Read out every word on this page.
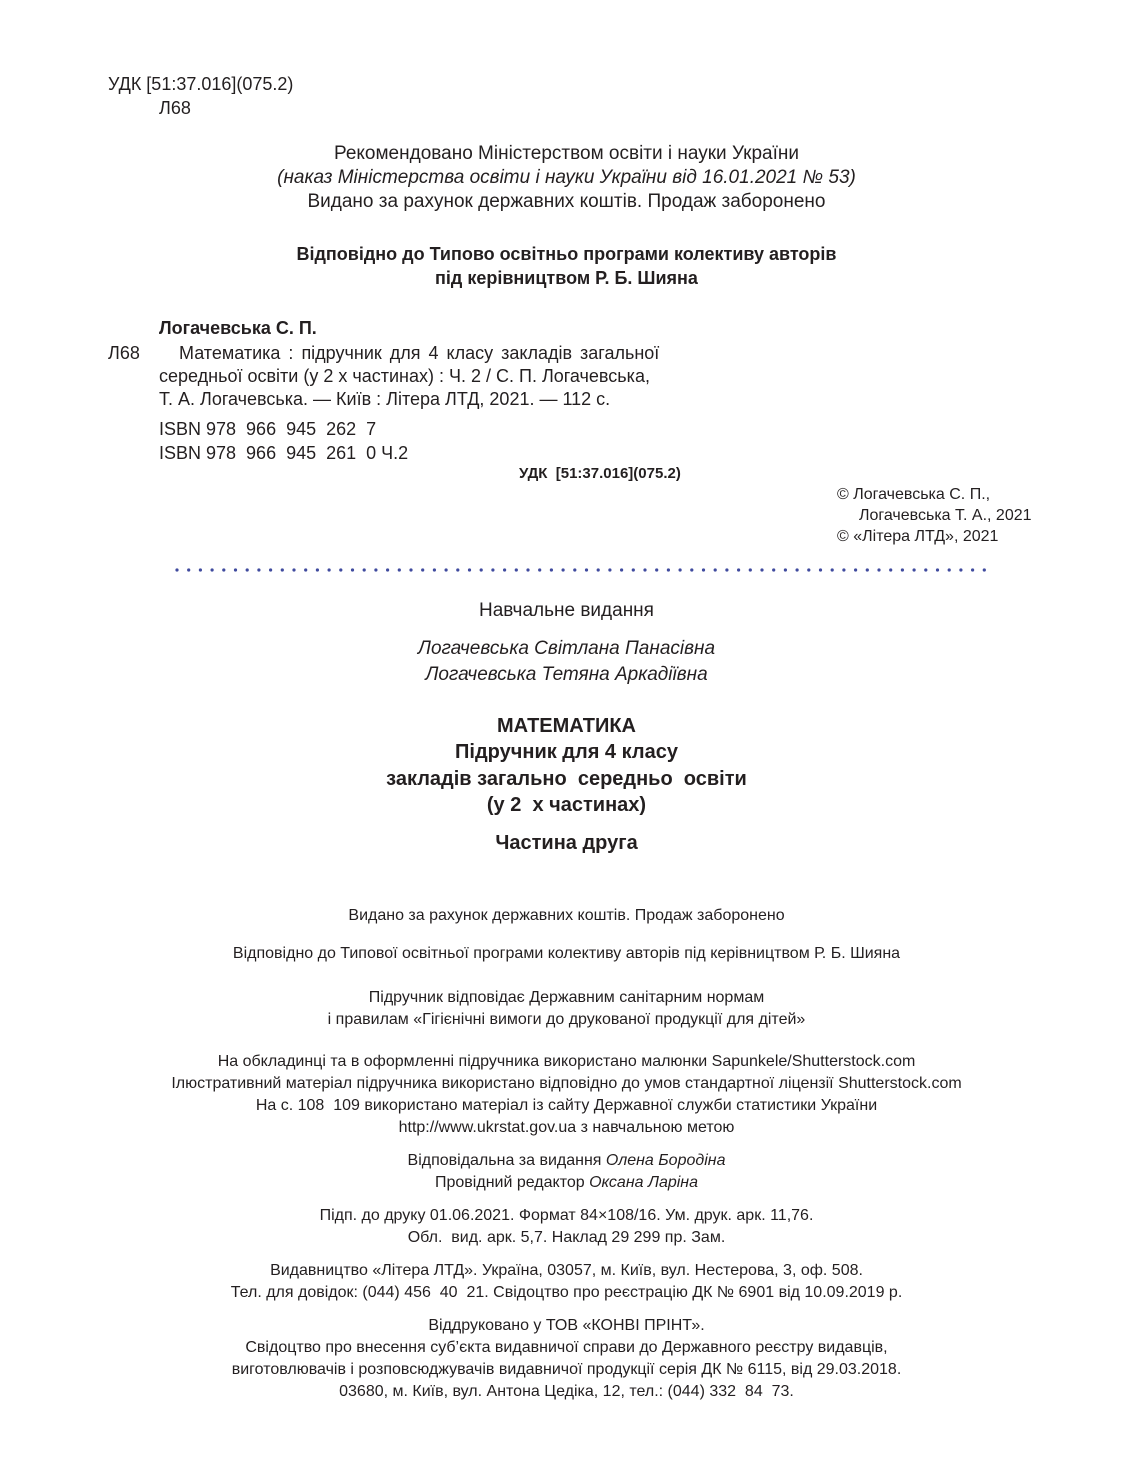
УДК [51:37.016](075.2)
Л68
Рекомендовано Міністерством освіти і науки України
(наказ Міністерства освіти і науки України від 16.01.2021 № 53)
Видано за рахунок державних коштів. Продаж заборонено
Відповідно до Типово освітньо програми колективу авторів
під керівництвом Р. Б. Шияна
Логачевська С. П.
Л68 Математика : підручник для 4 класу закладів загальної
середньої освіти (у 2 х частинах) : Ч. 2 / С. П. Логачевська,
Т. А. Логачевська. — Київ : Літера ЛТД, 2021. — 112 с.
ISBN 978  966  945  262  7
ISBN 978  966  945  261  0 Ч.2
УДК  [51:37.016](075.2)
© Логачевська С. П.,
Логачевська Т. А., 2021
© «Літера ЛТД», 2021
Навчальне видання
Логачевська Світлана Панасівна
Логачевська Тетяна Аркадіївна
МАТЕМАТИКА
Підручник для 4 класу
закладів загально  середньо  освіти
(у 2  х частинах)
Частина друга
Видано за рахунок державних коштів. Продаж заборонено
Відповідно до Типової освітньої програми колективу авторів під керівництвом Р. Б. Шияна
Підручник відповідає Державним санітарним нормам
і правилам «Гігієнічні вимоги до друкованої продукції для дітей»
На обкладинці та в оформленні підручника використано малюнки Sapunkele/Shutterstock.com
Ілюстративний матеріал підручника використано відповідно до умов стандартної ліцензії Shutterstock.com
На с. 108  109 використано матеріал із сайту Державної служби статистики України
http://www.ukrstat.gov.ua з навчальною метою
Відповідальна за видання Олена Бородіна
Провідний редактор Оксана Ларіна
Підп. до друку 01.06.2021. Формат 84×108/16. Ум. друк. арк. 11,76.
Обл.  вид. арк. 5,7. Наклад 29 299 пр. Зам.
Видавництво «Літера ЛТД». Україна, 03057, м. Київ, вул. Нестерова, 3, оф. 508.
Тел. для довідок: (044) 456  40  21. Свідоцтво про реєстрацію ДК № 6901 від 10.09.2019 р.
Віддруковано у ТОВ «КОНВІ ПРІНТ».
Свідоцтво про внесення суб’єкта видавничої справи до Державного реєстру видавців,
виготовлювачів і розповсюджувачів видавничої продукції серія ДК № 6115, від 29.03.2018.
03680, м. Київ, вул. Антона Цедіка, 12, тел.: (044) 332  84  73.
